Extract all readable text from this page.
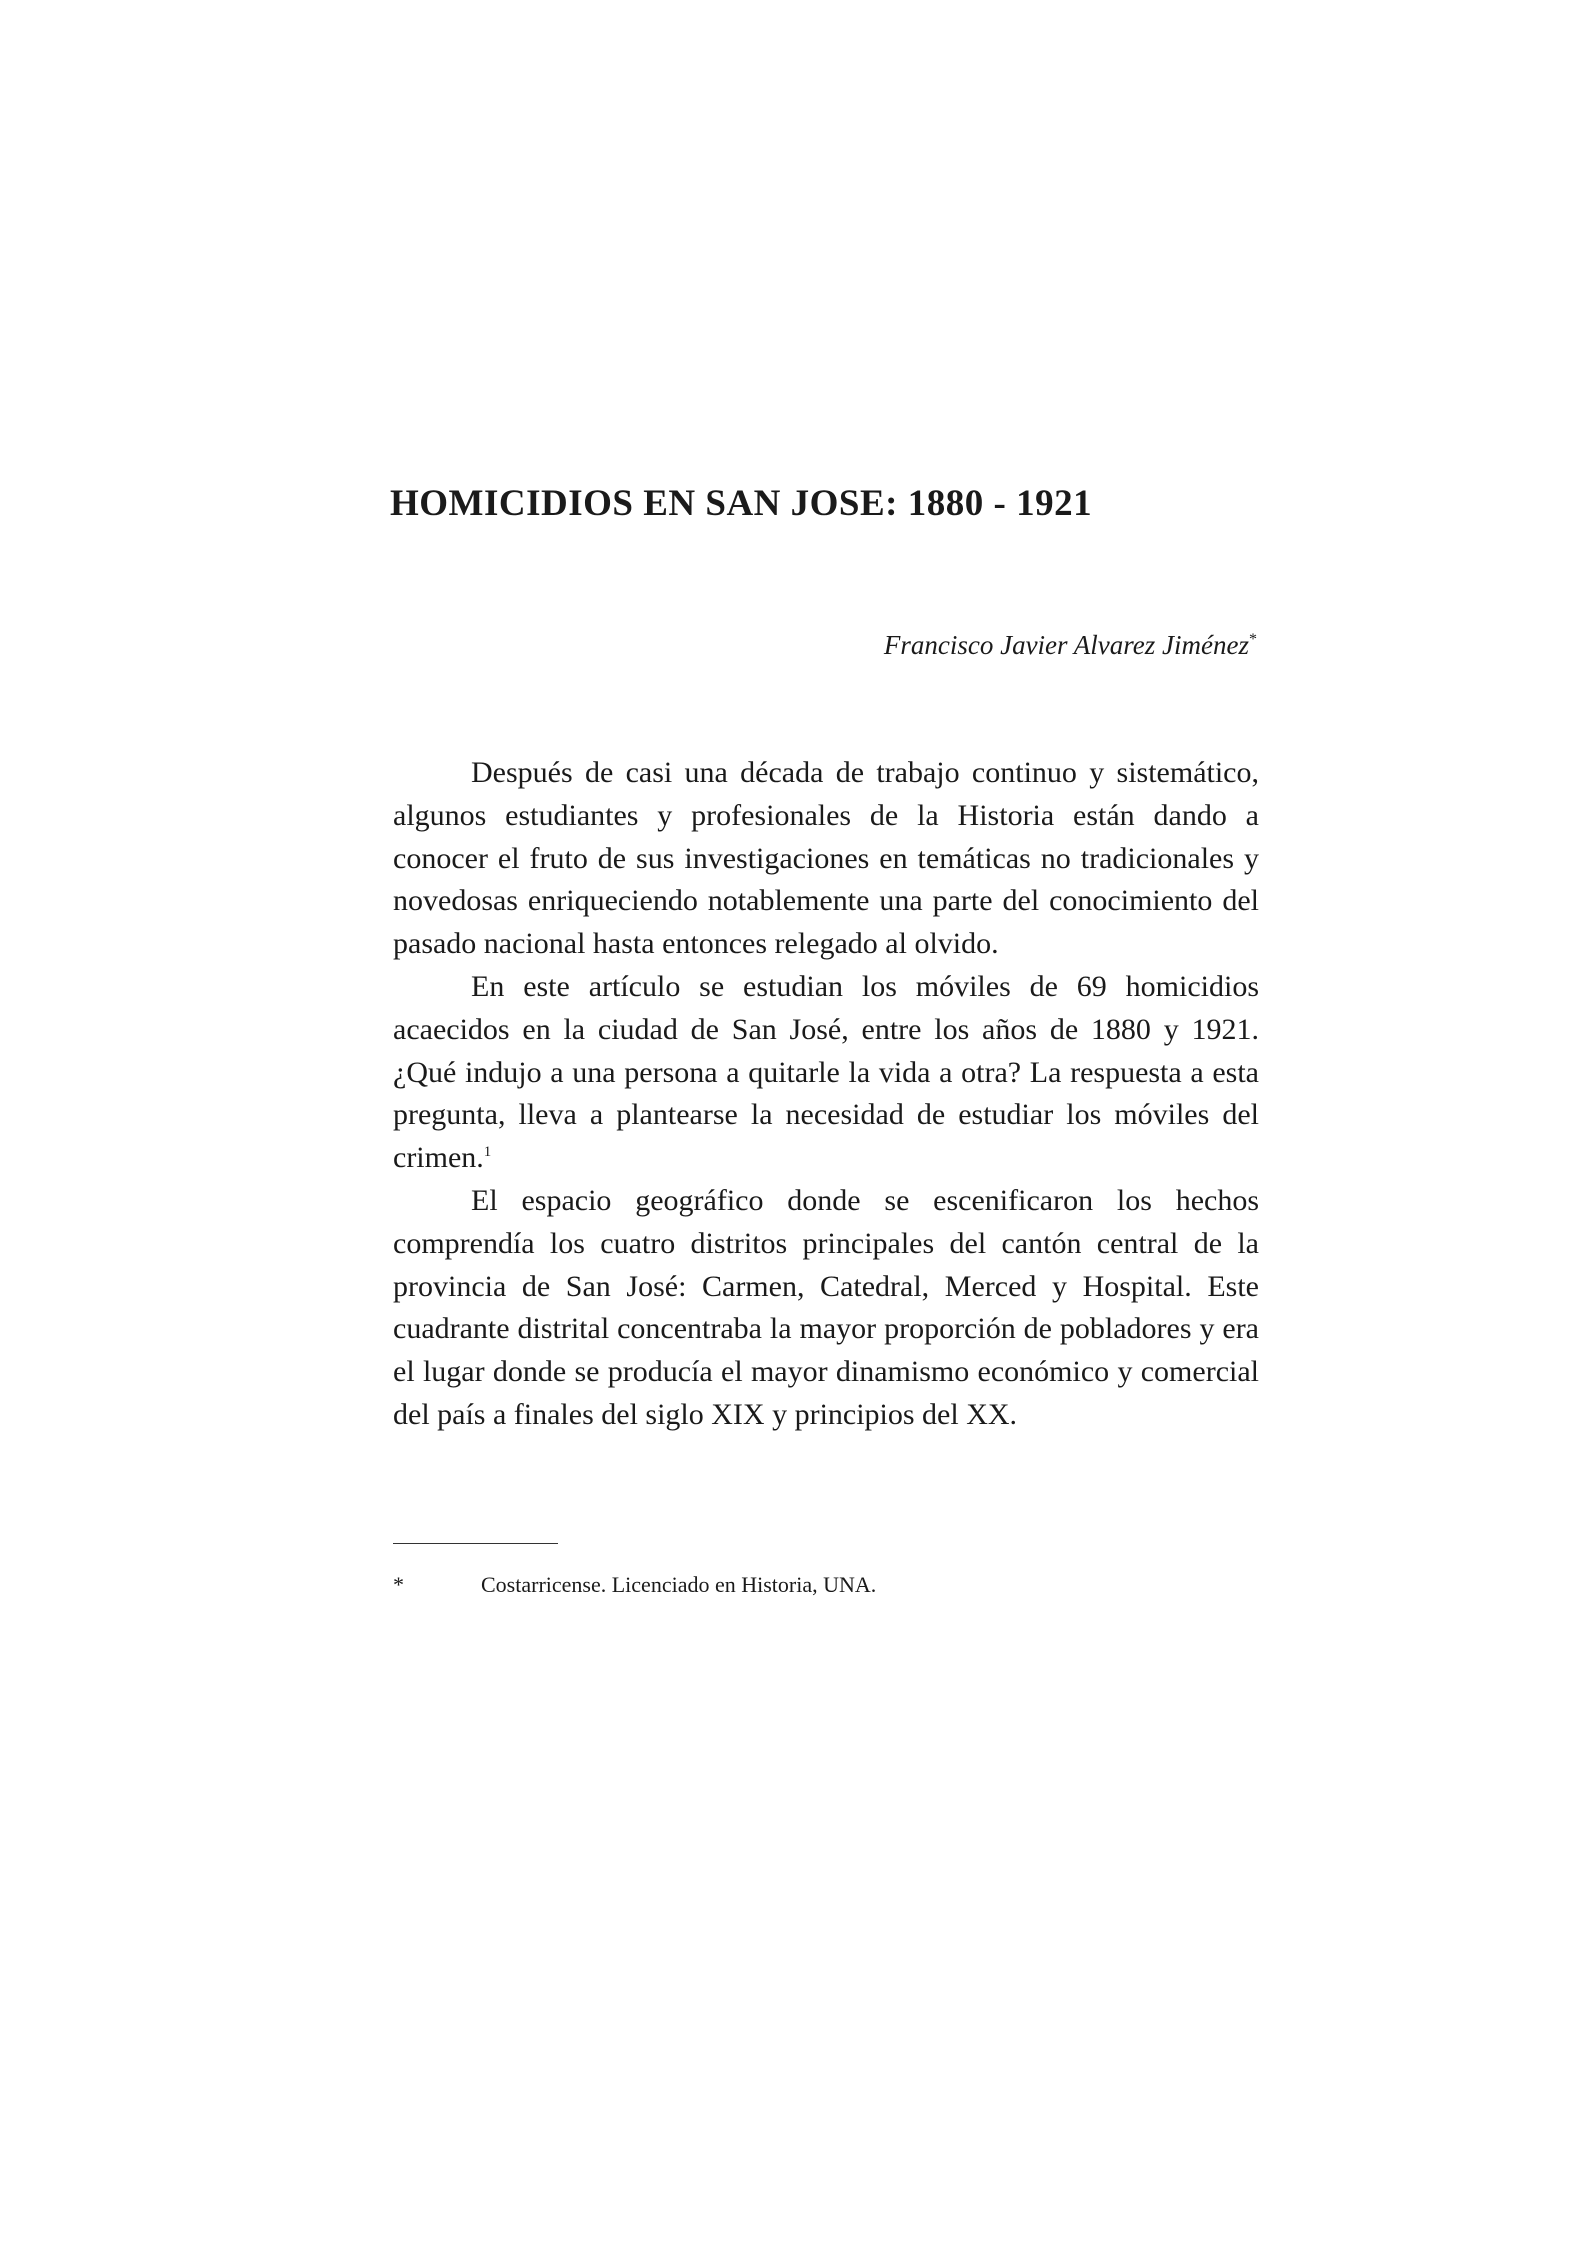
HOMICIDIOS EN SAN JOSE: 1880 - 1921

Francisco Javier Alvarez Jiménez*

Después de casi una década de trabajo continuo y sistemático, algunos estudiantes y profesionales de la Historia están dando a conocer el fruto de sus investigaciones en temáticas no tradicionales y novedosas enriqueciendo notablemente una parte del conocimiento del pasado nacional hasta entonces relegado al olvido.

En este artículo se estudian los móviles de 69 homicidios acaecidos en la ciudad de San José, entre los años de 1880 y 1921. ¿Qué indujo a una persona a quitarle la vida a otra? La respuesta a esta pregunta, lleva a plantearse la necesidad de estudiar los móviles del crimen.$^1$

El espacio geográfico donde se escenificaron los hechos comprendía los cuatro distritos principales del cantón central de la provincia de San José: Carmen, Catedral, Merced y Hospital. Este cuadrante distrital concentraba la mayor proporción de pobladores y era el lugar donde se producía el mayor dinamismo económico y comercial del país a finales del siglo XIX y principios del XX.

*	Costarricense. Licenciado en Historia, UNA.
